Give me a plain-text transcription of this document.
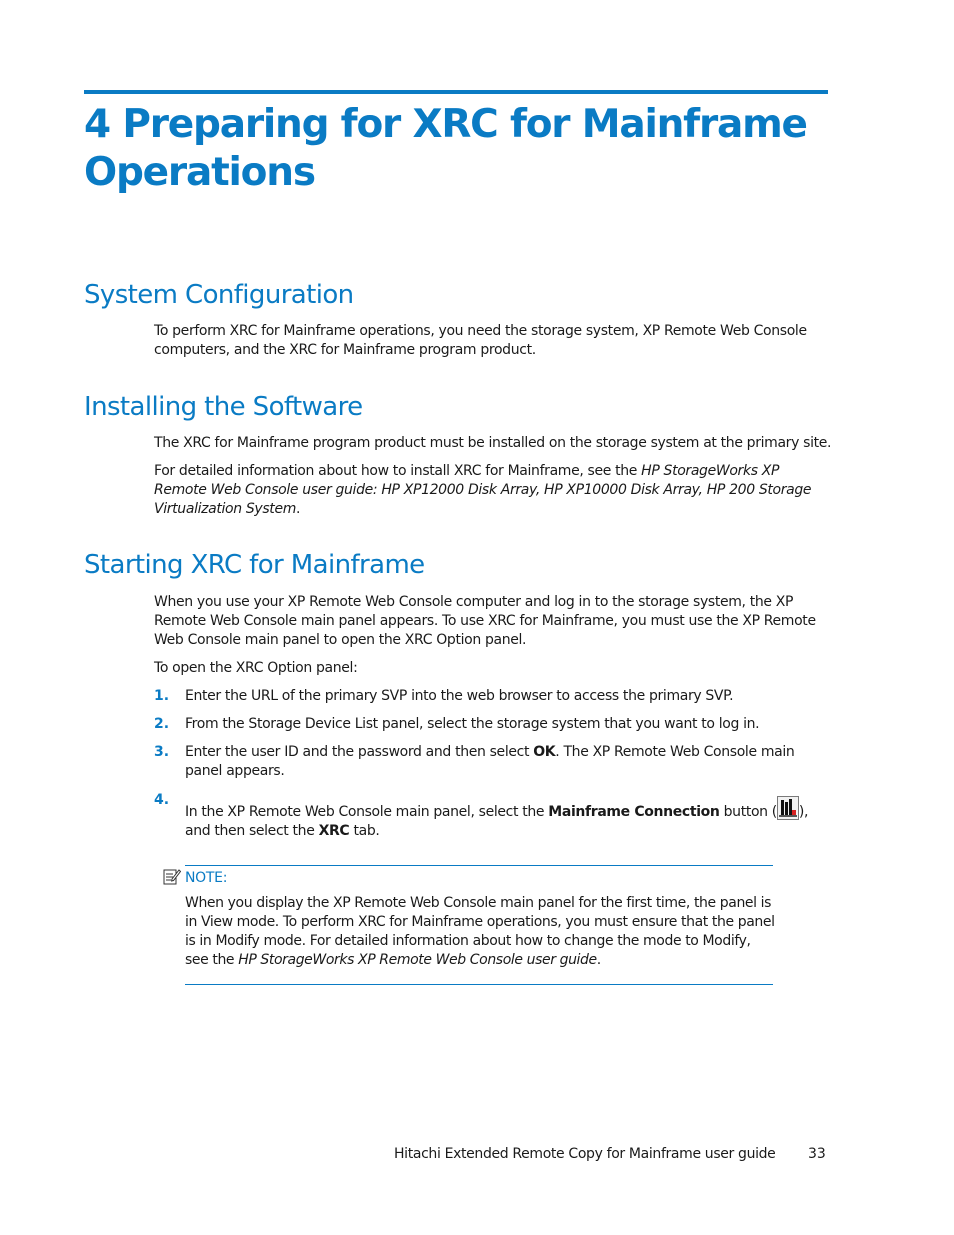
4 Preparing for XRC for Mainframe Operations
System Configuration

To perform XRC for Mainframe operations, you need the storage system, XP Remote Web Console computers, and the XRC for Mainframe program product.

Installing the Software

The XRC for Mainframe program product must be installed on the storage system at the primary site.

For detailed information about how to install XRC for Mainframe, see the HP StorageWorks XP Remote Web Console user guide: HP XP12000 Disk Array, HP XP10000 Disk Array, HP 200 Storage Virtualization System.

Starting XRC for Mainframe

When you use your XP Remote Web Console computer and log in to the storage system, the XP Remote Web Console main panel appears. To use XRC for Mainframe, you must use the XP Remote Web Console main panel to open the XRC Option panel.

To open the XRC Option panel:

1. Enter the URL of the primary SVP into the web browser to access the primary SVP.
2. From the Storage Device List panel, select the storage system that you want to log in.
3. Enter the user ID and the password and then select OK. The XP Remote Web Console main panel appears.
4.
In the XP Remote Web Console main panel, select the Mainframe Connection button ( ), and then select the XRC tab.
NOTE:

When you display the XP Remote Web Console main panel for the first time, the panel is in View mode. To perform XRC for Mainframe operations, you must ensure that the panel is in Modify mode. For detailed information about how to change the mode to Modify, see the HP StorageWorks XP Remote Web Console user guide.

Hitachi Extended Remote Copy for Mainframe user guide 33
